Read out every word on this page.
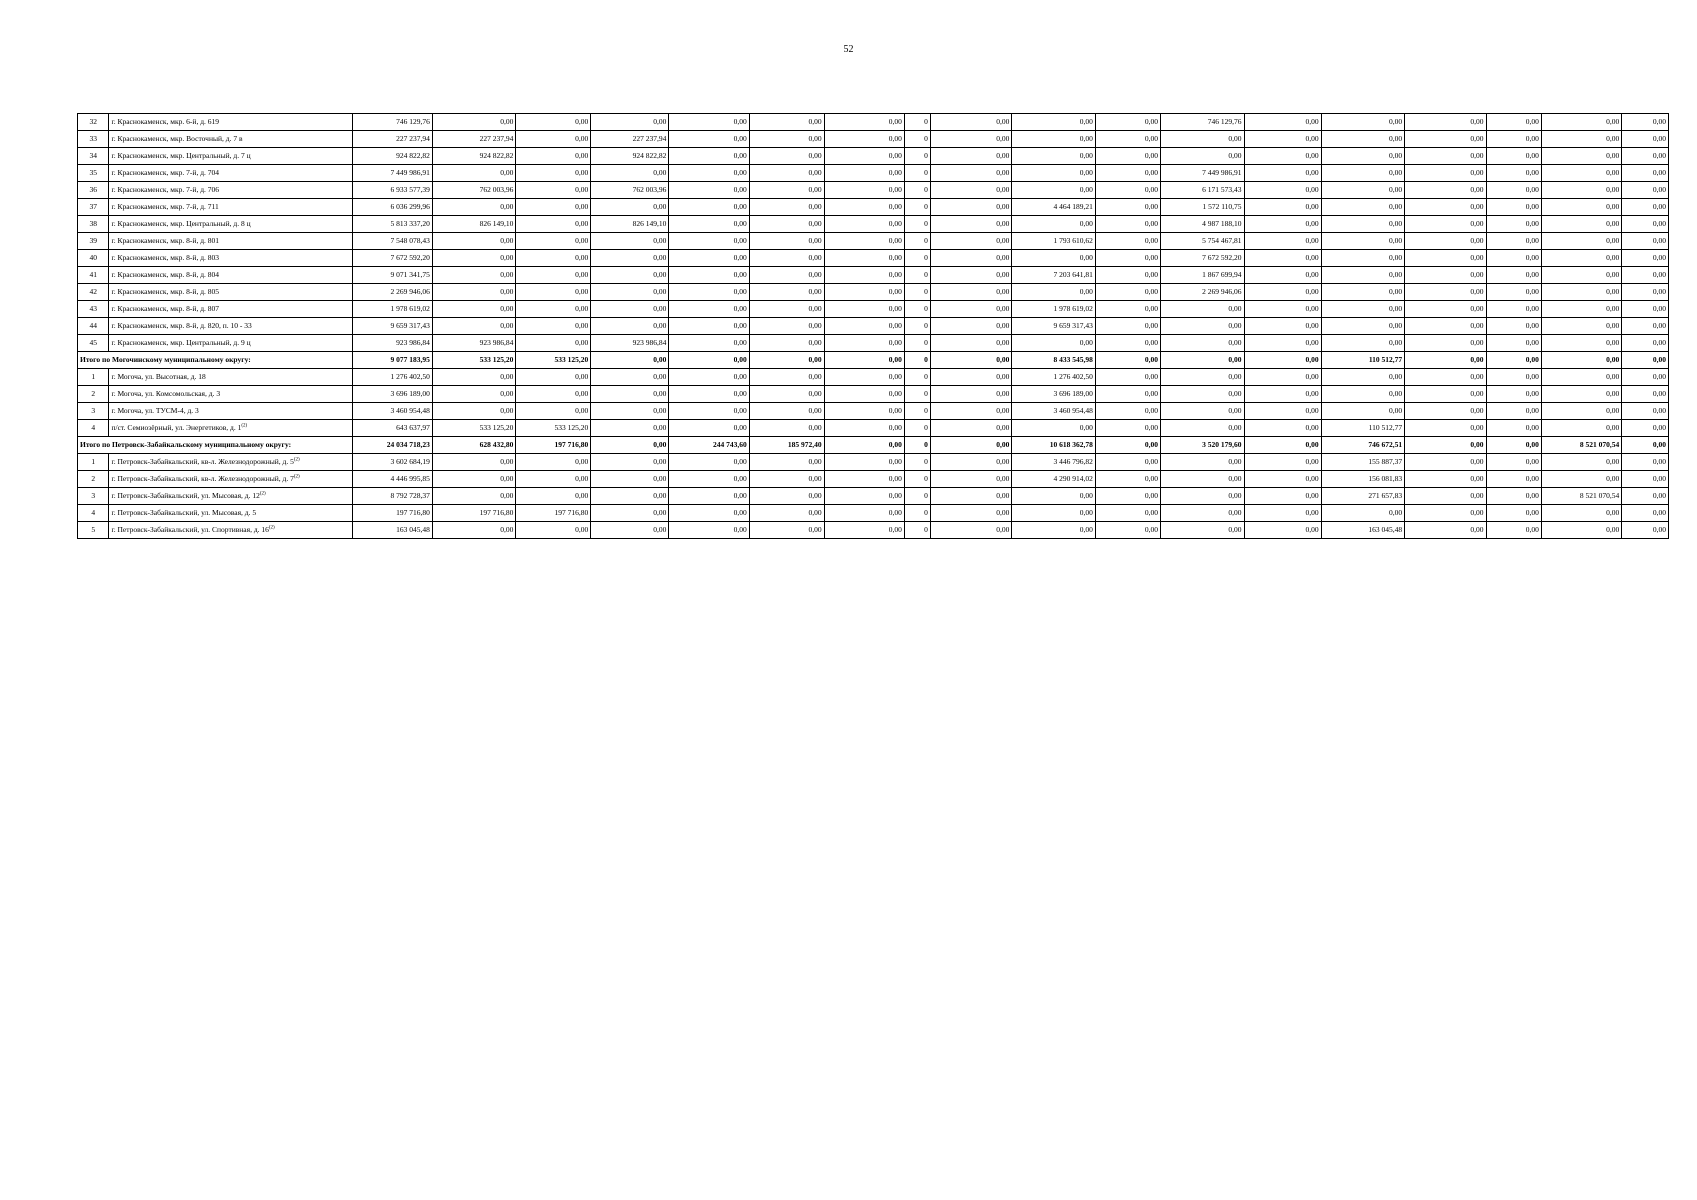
52
32	г. Краснокаменск, мкр. 6-й, д. 619	746 129,76	0,00	0,00	0,00	0,00	0,00	0,00	0	0,00	0,00	0,00	746 129,76	0,00	0,00	0,00	0,00	0,00	0,00
33	г. Краснокаменск, мкр. Восточный, д. 7 в	227 237,94	227 237,94	0,00	227 237,94	0,00	0,00	0,00	0	0,00	0,00	0,00	0,00	0,00	0,00	0,00	0,00	0,00	0,00
34	г. Краснокаменск, мкр. Центральный, д. 7 ц	924 822,82	924 822,82	0,00	924 822,82	0,00	0,00	0,00	0	0,00	0,00	0,00	0,00	0,00	0,00	0,00	0,00	0,00	0,00
35	г. Краснокаменск, мкр. 7-й, д. 704	7 449 986,91	0,00	0,00	0,00	0,00	0,00	0,00	0	0,00	0,00	0,00	7 449 986,91	0,00	0,00	0,00	0,00	0,00	0,00
36	г. Краснокаменск, мкр. 7-й, д. 706	6 933 577,39	762 003,96	0,00	762 003,96	0,00	0,00	0,00	0	0,00	0,00	0,00	6 171 573,43	0,00	0,00	0,00	0,00	0,00	0,00
37	г. Краснокаменск, мкр. 7-й, д. 711	6 036 299,96	0,00	0,00	0,00	0,00	0,00	0,00	0	0,00	4 464 189,21	0,00	1 572 110,75	0,00	0,00	0,00	0,00	0,00	0,00
38	г. Краснокаменск, мкр. Центральный, д. 8 ц	5 813 337,20	826 149,10	0,00	826 149,10	0,00	0,00	0,00	0	0,00	0,00	0,00	4 987 188,10	0,00	0,00	0,00	0,00	0,00	0,00
39	г. Краснокаменск, мкр. 8-й, д. 801	7 548 078,43	0,00	0,00	0,00	0,00	0,00	0,00	0	0,00	1 793 610,62	0,00	5 754 467,81	0,00	0,00	0,00	0,00	0,00	0,00
40	г. Краснокаменск, мкр. 8-й, д. 803	7 672 592,20	0,00	0,00	0,00	0,00	0,00	0,00	0	0,00	0,00	0,00	7 672 592,20	0,00	0,00	0,00	0,00	0,00	0,00
41	г. Краснокаменск, мкр. 8-й, д. 804	9 071 341,75	0,00	0,00	0,00	0,00	0,00	0,00	0	0,00	7 203 641,81	0,00	1 867 699,94	0,00	0,00	0,00	0,00	0,00	0,00
42	г. Краснокаменск, мкр. 8-й, д. 805	2 269 946,06	0,00	0,00	0,00	0,00	0,00	0,00	0	0,00	0,00	0,00	2 269 946,06	0,00	0,00	0,00	0,00	0,00	0,00
43	г. Краснокаменск, мкр. 8-й, д. 807	1 978 619,02	0,00	0,00	0,00	0,00	0,00	0,00	0	0,00	1 978 619,02	0,00	0,00	0,00	0,00	0,00	0,00	0,00	0,00
44	г. Краснокаменск, мкр. 8-й, д. 820, п. 10 - 33	9 659 317,43	0,00	0,00	0,00	0,00	0,00	0,00	0	0,00	9 659 317,43	0,00	0,00	0,00	0,00	0,00	0,00	0,00	0,00
45	г. Краснокаменск, мкр. Центральный, д. 9 ц	923 986,84	923 986,84	0,00	923 986,84	0,00	0,00	0,00	0	0,00	0,00	0,00	0,00	0,00	0,00	0,00	0,00	0,00	0,00
Итого по Могочинскому муниципальному округу:		9 077 183,95	533 125,20	533 125,20	0,00	0,00	0,00	0,00	0	0,00	8 433 545,98	0,00	0,00	0,00	110 512,77	0,00	0,00	0,00	0,00
1	г. Могоча, ул. Высотная, д. 18	1 276 402,50	0,00	0,00	0,00	0,00	0,00	0,00	0	0,00	1 276 402,50	0,00	0,00	0,00	0,00	0,00	0,00	0,00	0,00
2	г. Могоча, ул. Комсомольская, д. 3	3 696 189,00	0,00	0,00	0,00	0,00	0,00	0,00	0	0,00	3 696 189,00	0,00	0,00	0,00	0,00	0,00	0,00	0,00	0,00
3	г. Могоча, ул. ТУСМ-4, д. 3	3 460 954,48	0,00	0,00	0,00	0,00	0,00	0,00	0	0,00	3 460 954,48	0,00	0,00	0,00	0,00	0,00	0,00	0,00	0,00
4	п/ст. Семиозёрный, ул. Энергетиков, д. 1$^{(2)}$	643 637,97	533 125,20	533 125,20	0,00	0,00	0,00	0,00	0	0,00	0,00	0,00	0,00	0,00	110 512,77	0,00	0,00	0,00	0,00
Итого по Петровск-Забайкальскому муниципальному округу:		24 034 718,23	628 432,80	197 716,80	0,00	244 743,60	185 972,40	0,00	0	0,00	10 618 362,78	0,00	3 520 179,60	0,00	746 672,51	0,00	0,00	8 521 070,54	0,00
1	г. Петровск-Забайкальский, кв-л. Железнодорожный, д. 5$^{(2)}$	3 602 684,19	0,00	0,00	0,00	0,00	0,00	0,00	0	0,00	3 446 796,82	0,00	0,00	0,00	155 887,37	0,00	0,00	0,00	0,00
2	г. Петровск-Забайкальский, кв-л. Железнодорожный, д. 7$^{(2)}$	4 446 995,85	0,00	0,00	0,00	0,00	0,00	0,00	0	0,00	4 290 914,02	0,00	0,00	0,00	156 081,83	0,00	0,00	0,00	0,00
3	г. Петровск-Забайкальский, ул. Мысовая, д. 12$^{(2)}$	8 792 728,37	0,00	0,00	0,00	0,00	0,00	0,00	0	0,00	0,00	0,00	0,00	0,00	271 657,83	0,00	0,00	8 521 070,54	0,00
4	г. Петровск-Забайкальский, ул. Мысовая, д. 5	197 716,80	197 716,80	197 716,80	0,00	0,00	0,00	0,00	0	0,00	0,00	0,00	0,00	0,00	0,00	0,00	0,00	0,00	0,00
5	г. Петровск-Забайкальский, ул. Спортивная, д. 16$^{(2)}$	163 045,48	0,00	0,00	0,00	0,00	0,00	0,00	0	0,00	0,00	0,00	0,00	0,00	163 045,48	0,00	0,00	0,00	0,00
